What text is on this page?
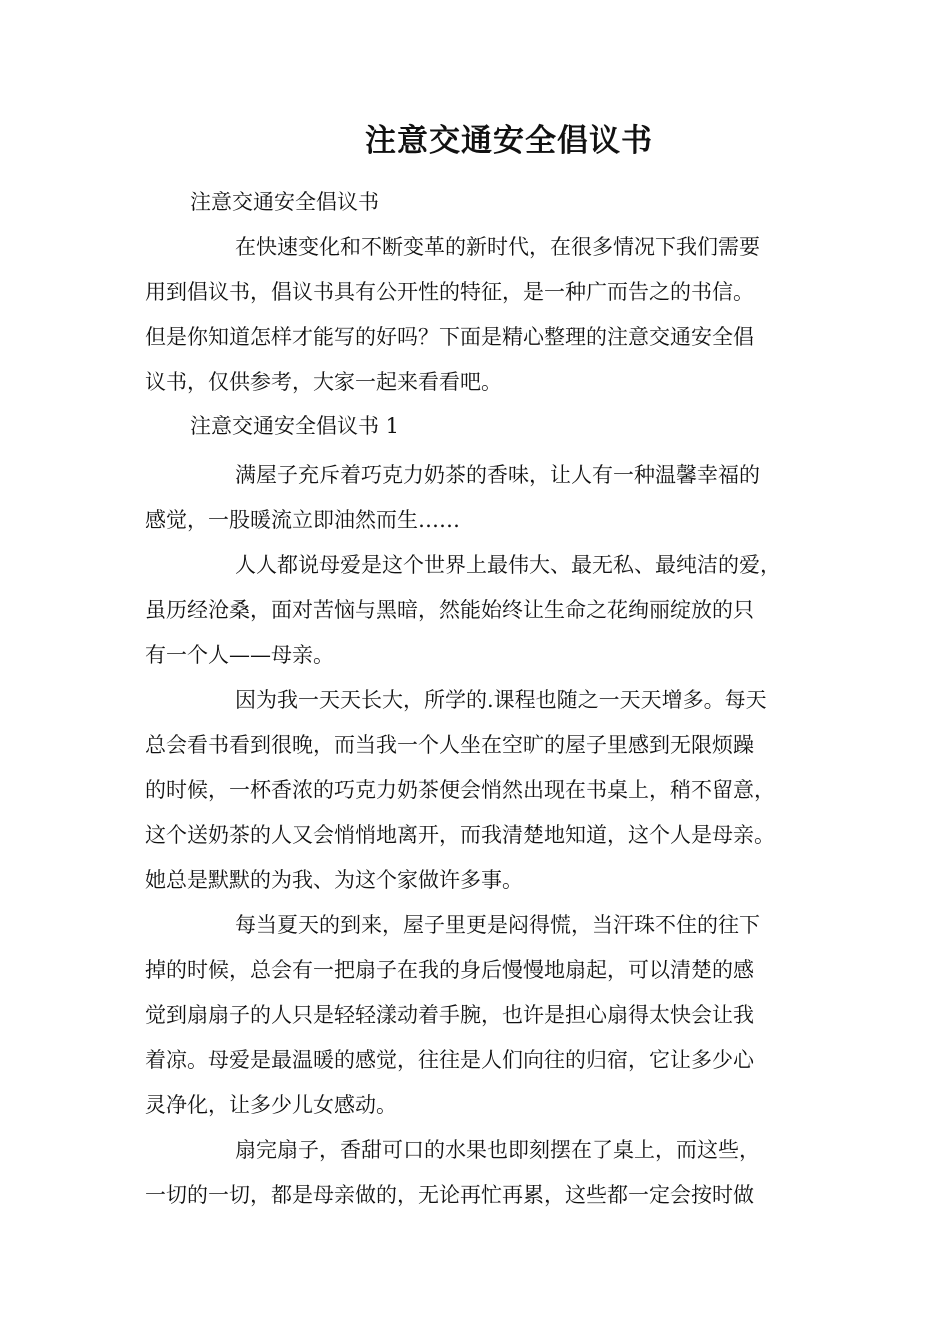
注意交通安全倡议书

注意交通安全倡议书

在快速变化和不断变革的新时代，在很多情况下我们需要

用到倡议书，倡议书具有公开性的特征，是一种广而告之的书信。

但是你知道怎样才能写的好吗？下面是精心整理的注意交通安全倡

议书，仅供参考，大家一起来看看吧。

注意交通安全倡议书 1

满屋子充斥着巧克力奶茶的香味，让人有一种温馨幸福的

感觉，一股暖流立即油然而生……

人人都说母爱是这个世界上最伟大、最无私、最纯洁的爱，

虽历经沧桑，面对苦恼与黑暗，然能始终让生命之花绚丽绽放的只

有一个人——母亲。

因为我一天天长大，所学的.课程也随之一天天增多。每天

总会看书看到很晚，而当我一个人坐在空旷的屋子里感到无限烦躁

的时候，一杯香浓的巧克力奶茶便会悄然出现在书桌上，稍不留意，

这个送奶茶的人又会悄悄地离开，而我清楚地知道，这个人是母亲。

她总是默默的为我、为这个家做许多事。

每当夏天的到来，屋子里更是闷得慌，当汗珠不住的往下

掉的时候，总会有一把扇子在我的身后慢慢地扇起，可以清楚的感

觉到扇扇子的人只是轻轻漾动着手腕，也许是担心扇得太快会让我

着凉。母爱是最温暖的感觉，往往是人们向往的归宿，它让多少心

灵净化，让多少儿女感动。

扇完扇子，香甜可口的水果也即刻摆在了桌上，而这些，

一切的一切，都是母亲做的，无论再忙再累，这些都一定会按时做
